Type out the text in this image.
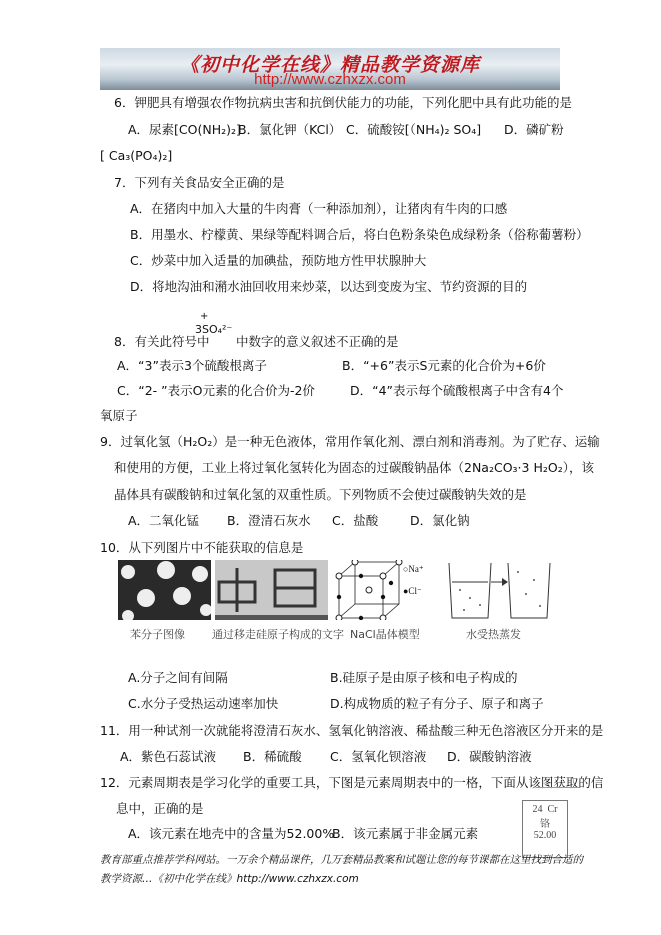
《初中化学在线》精品教学资源库
http://www.czhxzx.com
6．钾肥具有增强农作物抗病虫害和抗倒伏能力的功能，下列化肥中具有此功能的是
A．尿素[CO(NH₂)₂]
B．氯化钾（KCl） C．硫酸铵[（NH₄)₂ SO₄] D．磷矿粉
[ Ca₃(PO₄)₂]
7．下列有关食品安全正确的是
A．在猪肉中加入大量的牛肉膏（一种添加剂），让猪肉有牛肉的口感
B．用墨水、柠檬黄、果绿等配料调合后，将白色粉条染色成绿粉条（俗称葡薯粉）
C．炒菜中加入适量的加碘盐，预防地方性甲状腺肿大
D．将地沟油和潲水油回收用来炒菜，以达到变废为宝、节约资源的目的
8．有关此符号中
+
3SO₄²⁻
中数字的意义叙述不正确的是
A．“3”表示3个硫酸根离子	B．“+6”表示S元素的化合价为+6价
C．“2- ”表示O元素的化合价为-2价	D．“4”表示每个硫酸根离子中含有4个
氧原子
9．过氧化氢（H₂O₂）是一种无色液体，常用作氧化剂、漂白剂和消毒剂。为了贮存、运输
和使用的方便，工业上将过氧化氢转化为固态的过碳酸钠晶体（2Na₂CO₃·3 H₂O₂），该
晶体具有碳酸钠和过氧化氢的双重性质。下列物质不会使过碳酸钠失效的是
A．二氧化锰 B．澄清石灰水 C．盐酸	D．氯化钠
10．从下列图片中不能获取的信息是
○Na⁺
●Cl⁻
苯分子图像 通过移走硅原子构成的文字 NaCl晶体模型	水受热蒸发
A.分子之间有间隔	B.硅原子是由原子核和电子构成的
C.水分子受热运动速率加快	D.构成物质的粒子有分子、原子和离子
11．用一种试剂一次就能将澄清石灰水、氢氧化钠溶液、稀盐酸三种无色溶液区分开来的是
A．紫色石蕊试液 B．稀硫酸 C．氢氧化钡溶液 D．碳酸钠溶液
12．元素周期表是学习化学的重要工具，下图是元素周期表中的一格，下面从该图获取的信
息中，正确的是
A．该元素在地壳中的含量为52.00%
B．该元素属于非金属元素
24 Cr
铬
52.00
教育部重点推荐学科网站。一万余个精品课件，几万套精品教案和试题让您的每节课都在这里找到合适的
教学资源…《初中化学在线》http://www.czhxzx.com
